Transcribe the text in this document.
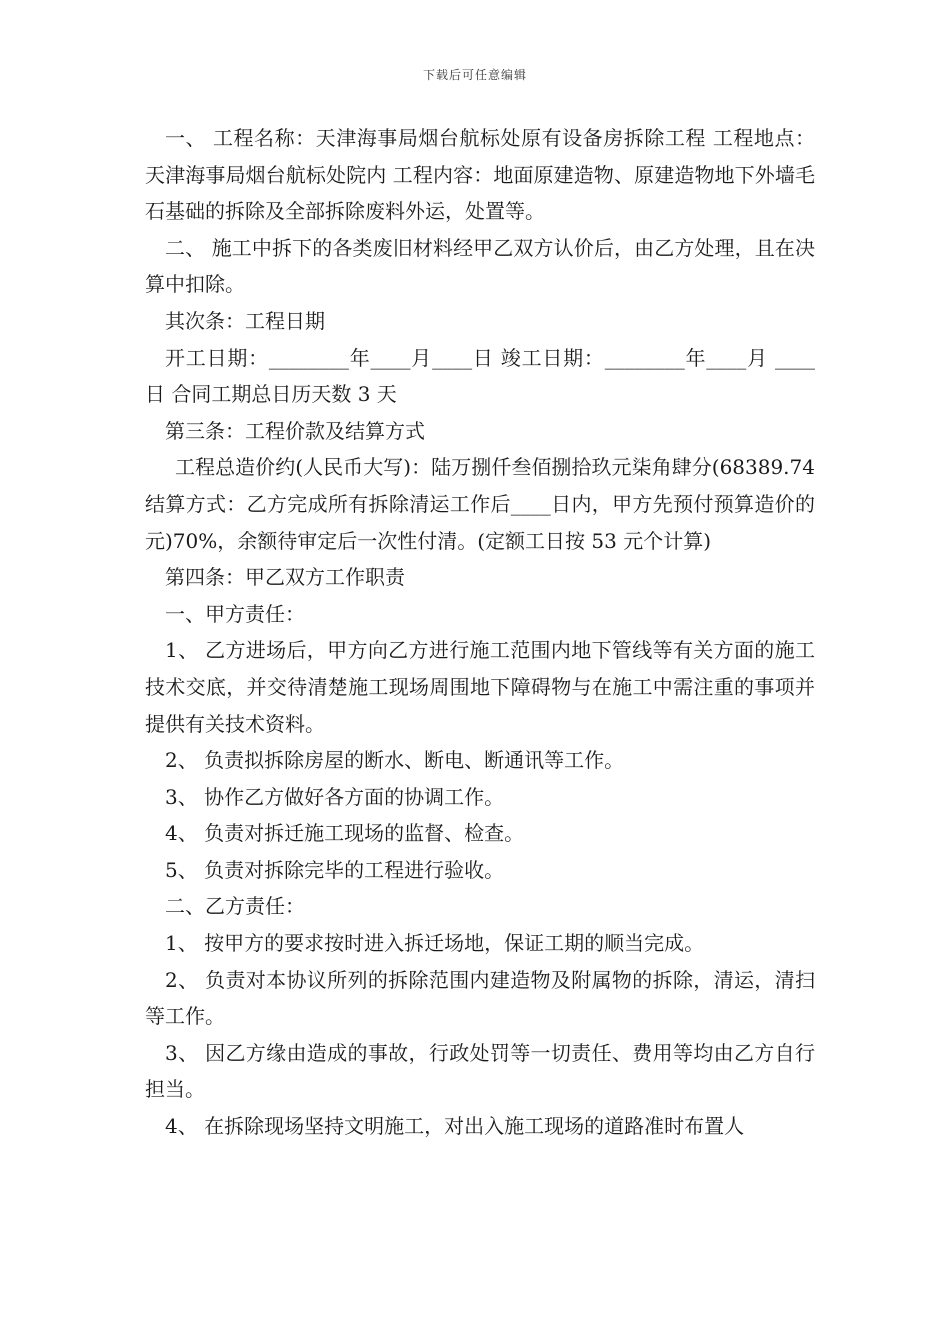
下载后可任意编辑

一、 工程名称：天津海事局烟台航标处原有设备房拆除工程 工程地点：天津海事局烟台航标处院内 工程内容：地面原建造物、原建造物地下外墙毛石基础的拆除及全部拆除废料外运，处置等。

二、 施工中拆下的各类废旧材料经甲乙双方认价后，由乙方处理，且在决算中扣除。

其次条：工程日期

开工日期：________年____月____日 竣工日期：________年____月 ____日 合同工期总日历天数 3 天

第三条：工程价款及结算方式

工程总造价约(人民币大写)：陆万捌仟叁佰捌拾玖元柒角肆分(68389.74 结算方式：乙方完成所有拆除清运工作后____日内，甲方先预付预算造价的元)70%，余额待审定后一次性付清。(定额工日按 53 元个计算)

第四条：甲乙双方工作职责

一、甲方责任：

1、 乙方进场后，甲方向乙方进行施工范围内地下管线等有关方面的施工技术交底，并交待清楚施工现场周围地下障碍物与在施工中需注重的事项并提供有关技术资料。

2、 负责拟拆除房屋的断水、断电、断通讯等工作。

3、 协作乙方做好各方面的协调工作。

4、 负责对拆迁施工现场的监督、检查。

5、 负责对拆除完毕的工程进行验收。

二、乙方责任：

1、 按甲方的要求按时进入拆迁场地，保证工期的顺当完成。

2、 负责对本协议所列的拆除范围内建造物及附属物的拆除，清运，清扫等工作。

3、 因乙方缘由造成的事故，行政处罚等一切责任、费用等均由乙方自行担当。

4、 在拆除现场坚持文明施工，对出入施工现场的道路准时布置人
